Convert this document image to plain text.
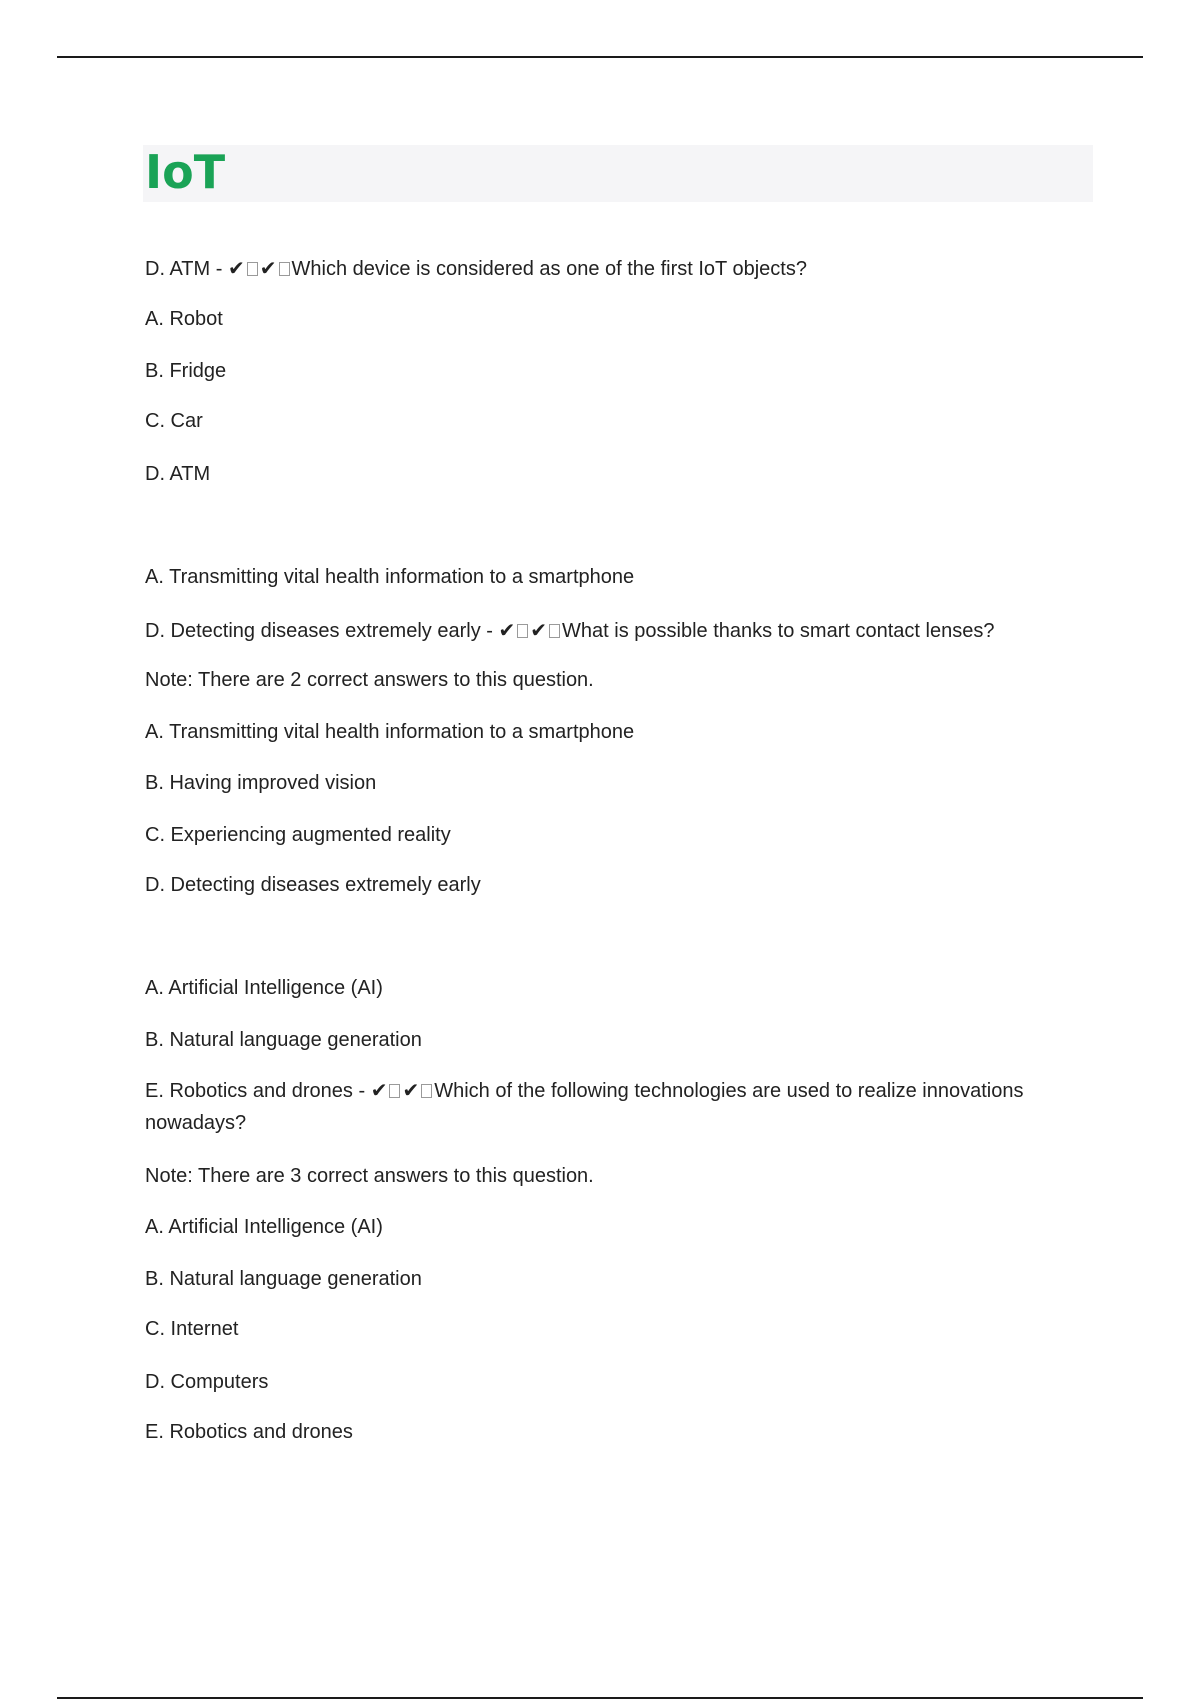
IoT

D. ATM - ✔ ✔ Which device is considered as one of the first IoT objects?

A. Robot

B. Fridge

C. Car

D. ATM

A. Transmitting vital health information to a smartphone

D. Detecting diseases extremely early - ✔ ✔ What is possible thanks to smart contact lenses?

Note: There are 2 correct answers to this question.

A. Transmitting vital health information to a smartphone

B. Having improved vision

C. Experiencing augmented reality

D. Detecting diseases extremely early

A. Artificial Intelligence (AI)

B. Natural language generation

E. Robotics and drones - ✔ ✔ Which of the following technologies are used to realize innovations nowadays?

Note: There are 3 correct answers to this question.

A. Artificial Intelligence (AI)

B. Natural language generation

C. Internet

D. Computers

E. Robotics and drones
